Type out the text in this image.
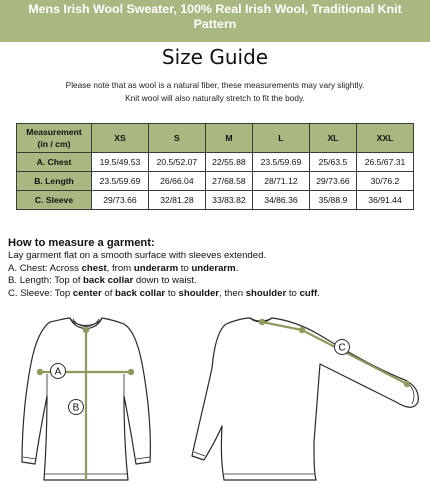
Mens Irish Wool Sweater, 100% Real Irish Wool, Traditional Knit
Pattern
Size Guide
Please note that as wool is a natural fiber, these measurements may vary slightly.
Knit wool will also naturally stretch to fit the body.
Measurement
(in / cm)	XS	S	M	L	XL	XXL
A. Chest	19.5/49.53	20.5/52.07	22/55.88	23.5/59.69	25/63.5	26.5/67.31
B. Length	23.5/59.69	26/66.04	27/68.58	28/71.12	29/73.66	30/76.2
C. Sleeve	29/73.66	32/81.28	33/83.82	34/86.36	35/88.9	36/91.44
How to measure a garment:
Lay garment flat on a smooth surface with sleeves extended.
A. Chest: Across chest, from underarm to underarm.
B. Length: Top of back collar down to waist.
C. Sleeve: Top center of back collar to shoulder, then shoulder to cuff.
A
B
C
